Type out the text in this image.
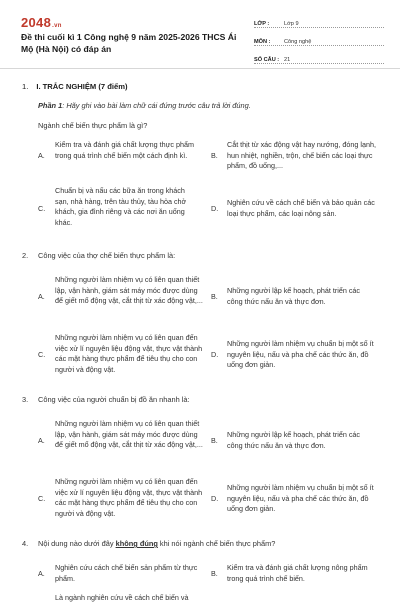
2048.vn
Đề thi cuối kì 1 Công nghệ 9 năm 2025-2026 THCS Ái Mộ (Hà Nội) có đáp án
LỚP :	Lớp 9
MÔN :	Công nghệ
SỐ CÂU : 21
1. I. TRẮC NGHIỆM (7 điểm)
Phần 1: Hãy ghi vào bài làm chữ cái đứng trước câu trả lời đúng.
Ngành chế biến thực phẩm là gì?
A.
Kiểm tra và đánh giá chất lượng thực phẩm trong quá trình chế biến một cách định kì.	B.
Cắt thịt từ xác động vật hay nướng, đóng lạnh, hun nhiệt, nghiền, trộn, chế biến các loại thực phẩm, đồ uống,...
C.
Chuẩn bị và nấu các bữa ăn trong khách sạn, nhà hàng, trên tàu thủy, tàu hỏa chở khách, gia đình riêng và các nơi ăn uống khác.
D.
Nghiên cứu về cách chế biến và bảo quản các loại thực phẩm, các loại nông sản.
2. Công việc của thợ chế biến thực phẩm là:
A.
Những người làm nhiệm vụ có liên quan thiết lập, vận hành, giám sát máy móc được dùng để giết mổ động vật, cắt thịt từ xác động vật,... B.
Những người lập kế hoạch, phát triển các công thức nấu ăn và thực đơn.
C.
Những người làm nhiệm vụ có liên quan đến việc xử lí nguyên liệu động vật, thực vật thành các mặt hàng thực phẩm để tiêu thụ cho con người và động vật.
D.
Những người làm nhiệm vụ chuẩn bị một số ít nguyên liệu, nấu và pha chế các thức ăn, đồ uống đơn giản.
3. Công việc của người chuẩn bị đồ ăn nhanh là:
A.
Những người làm nhiệm vụ có liên quan thiết lập, vận hành, giám sát máy móc được dùng để giết mổ động vật, cắt thịt từ xác động vật,... B.
Những người lập kế hoạch, phát triển các công thức nấu ăn và thực đơn.
C.
Những người làm nhiệm vụ có liên quan đến việc xử lí nguyên liệu động vật, thực vật thành các mặt hàng thực phẩm để tiêu thụ cho con người và động vật.
D.
Những người làm nhiệm vụ chuẩn bị một số ít nguyên liệu, nấu và pha chế các thức ăn, đồ uống đơn giản.
4. Nội dung nào dưới đây không đúng khi nói ngành chế biến thực phẩm?
A.
Nghiên cứu cách chế biến sản phẩm từ thực phẩm.
B.
Kiểm tra và đánh giá chất lượng nông phẩm trong quá trình chế biến.
Là ngành nghiên cứu về cách chế biến và
